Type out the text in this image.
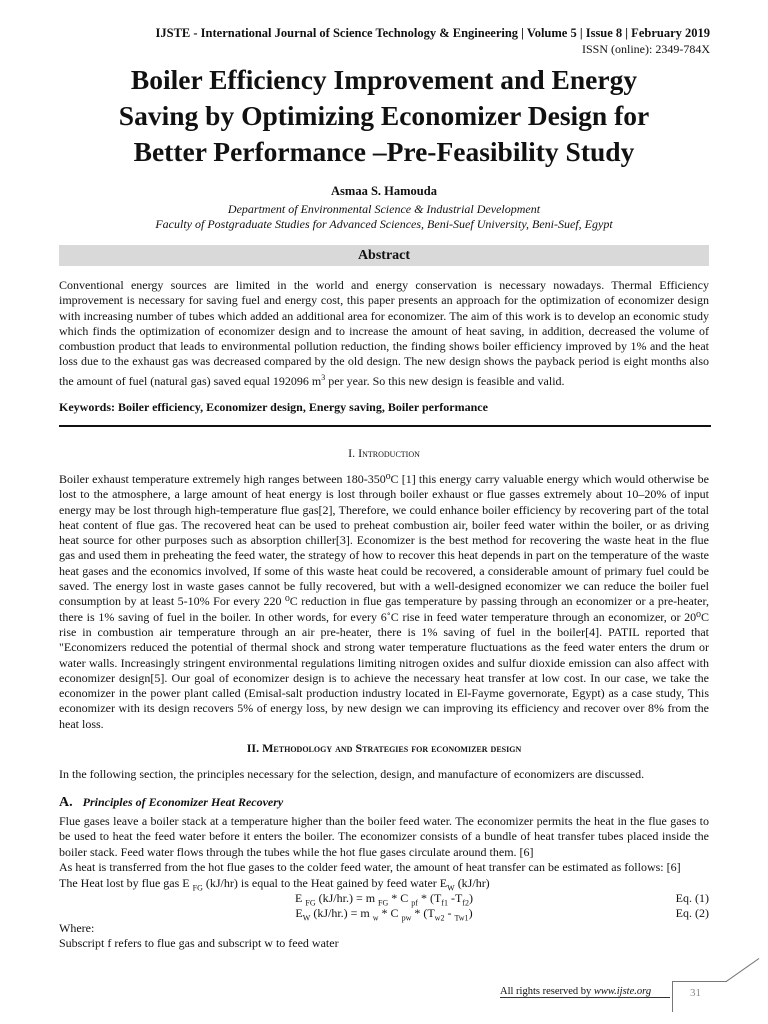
IJSTE - International Journal of Science Technology & Engineering | Volume 5 | Issue 8 | February 2019
ISSN (online): 2349-784X
Boiler Efficiency Improvement and Energy
Saving by Optimizing Economizer Design for
Better Performance –Pre-Feasibility Study
Asmaa S. Hamouda
Department of Environmental Science & Industrial Development
Faculty of Postgraduate Studies for Advanced Sciences, Beni-Suef University, Beni-Suef, Egypt
Abstract
Conventional energy sources are limited in the world and energy conservation is necessary nowadays. Thermal Efficiency improvement is necessary for saving fuel and energy cost, this paper presents an approach for the optimization of economizer design with increasing number of tubes which added an additional area for economizer. The aim of this work is to develop an economic study which finds the optimization of economizer design and to increase the amount of heat saving, in addition, decreased the volume of combustion product that leads to environmental pollution reduction, the finding shows boiler efficiency improved by 1% and the heat loss due to the exhaust gas was decreased compared by the old design. The new design shows the payback period is eight months also the amount of fuel (natural gas) saved equal 192096 $m^3$ per year. So this new design is feasible and valid.
Keywords: Boiler efficiency, Economizer design, Energy saving, Boiler performance
I. Introduction
Boiler exhaust temperature extremely high ranges between 180-350⁰C [1] this energy carry valuable energy which would otherwise be lost to the atmosphere, a large amount of heat energy is lost through boiler exhaust or flue gasses extremely about 10‒20% of input energy may be lost through high-temperature flue gas[2], Therefore, we could enhance boiler efficiency by recovering part of the total heat content of flue gas. The recovered heat can be used to preheat combustion air, boiler feed water within the boiler, or as driving heat source for other purposes such as absorption chiller[3]. Economizer is the best method for recovering the waste heat in the flue gas and used them in preheating the feed water, the strategy of how to recover this heat depends in part on the temperature of the waste heat gases and the economics involved, If some of this waste heat could be recovered, a considerable amount of primary fuel could be saved. The energy lost in waste gases cannot be fully recovered, but with a well-designed economizer we can reduce the boiler fuel consumption by at least 5-10% For every 220 ⁰C reduction in flue gas temperature by passing through an economizer or a pre-heater, there is 1% saving of fuel in the boiler. In other words, for every 6˚C rise in feed water temperature through an economizer, or 20⁰C rise in combustion air temperature through an air pre-heater, there is 1% saving of fuel in the boiler[4]. PATIL reported that "Economizers reduced the potential of thermal shock and strong water temperature fluctuations as the feed water enters the drum or water walls. Increasingly stringent environmental regulations limiting nitrogen oxides and sulfur dioxide emission can also affect with economizer design[5]. Our goal of economizer design is to achieve the necessary heat transfer at low cost. In our case, we take the economizer in the power plant called (Emisal-salt production industry located in El-Fayme governorate, Egypt) as a case study, This economizer with its design recovers 5% of energy loss, by new design we can improving its efficiency and recover over 8% from the heat loss.
II. Methodology and Strategies for economizer design
In the following section, the principles necessary for the selection, design, and manufacture of economizers are discussed.
A. Principles of Economizer Heat Recovery
Flue gases leave a boiler stack at a temperature higher than the boiler feed water. The economizer permits the heat in the flue gases to be used to heat the feed water before it enters the boiler. The economizer consists of a bundle of heat transfer tubes placed inside the boiler stack. Feed water flows through the tubes while the hot flue gases circulate around them. [6]
As heat is transferred from the hot flue gases to the colder feed water, the amount of heat transfer can be estimated as follows: [6]
The Heat lost by flue gas E $_{FG}$ (kJ/hr) is equal to the Heat gained by feed water $E_W$ (kJ/hr)
E $_{FG}$ (kJ/hr.) = m $_{FG}$ * C $_{pf} * (T_{f1}$ $-T_{f2}$)	Eq. (1)
$E_W$ (kJ/hr.) = m $_w$ * C $_{pw} * (T_{w2} - _{Tw1})$	Eq. (2)
Where:
Subscript f refers to flue gas and subscript w to feed water
All rights reserved by www.ijste.org	31
